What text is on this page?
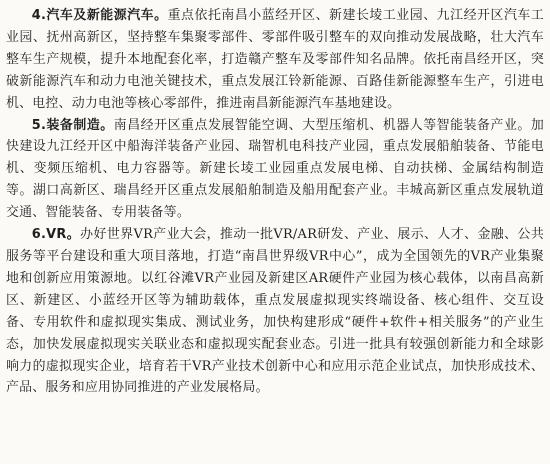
4.汽车及新能源汽车。重点依托南昌小蓝经开区、新建长堎工业园、九江经开区汽车工业园、抚州高新区，坚持整车集聚零部件、零部件吸引整车的双向推动发展战略，壮大汽车整车生产规模，提升本地配套化率，打造赣产整车及零部件知名品牌。依托南昌经开区，突破新能源汽车和动力电池关键技术，重点发展江铃新能源、百路佳新能源整车生产，引进电机、电控、动力电池等核心零部件，推进南昌新能源汽车基地建设。

5.装备制造。南昌经开区重点发展智能空调、大型压缩机、机器人等智能装备产业。加快建设九江经开区中船海洋装备产业园、瑞智机电科技产业园，重点发展船舶装备、节能电机、变频压缩机、电力容器等。新建长堎工业园重点发展电梯、自动扶梯、金属结构制造等。湖口高新区、瑞昌经开区重点发展船舶制造及船用配套产业。丰城高新区重点发展轨道交通、智能装备、专用装备等。

6.VR。办好世界VR产业大会，推动一批VR/AR研发、产业、展示、人才、金融、公共服务等平台建设和重大项目落地，打造“南昌世界级VR中心”，成为全国领先的VR产业集聚地和创新应用策源地。以红谷滩VR产业园及新建区AR硬件产业园为核心载体，以南昌高新区、新建区、小蓝经开区等为辅助载体，重点发展虚拟现实终端设备、核心组件、交互设备、专用软件和虚拟现实集成、测试业务，加快构建形成“硬件+软件+相关服务”的产业生态，加快发展虚拟现实关联业态和虚拟现实配套业态。引进一批具有较强创新能力和全球影响力的虚拟现实企业，培育若干VR产业技术创新中心和应用示范企业试点，加快形成技术、产品、服务和应用协同推进的产业发展格局。
